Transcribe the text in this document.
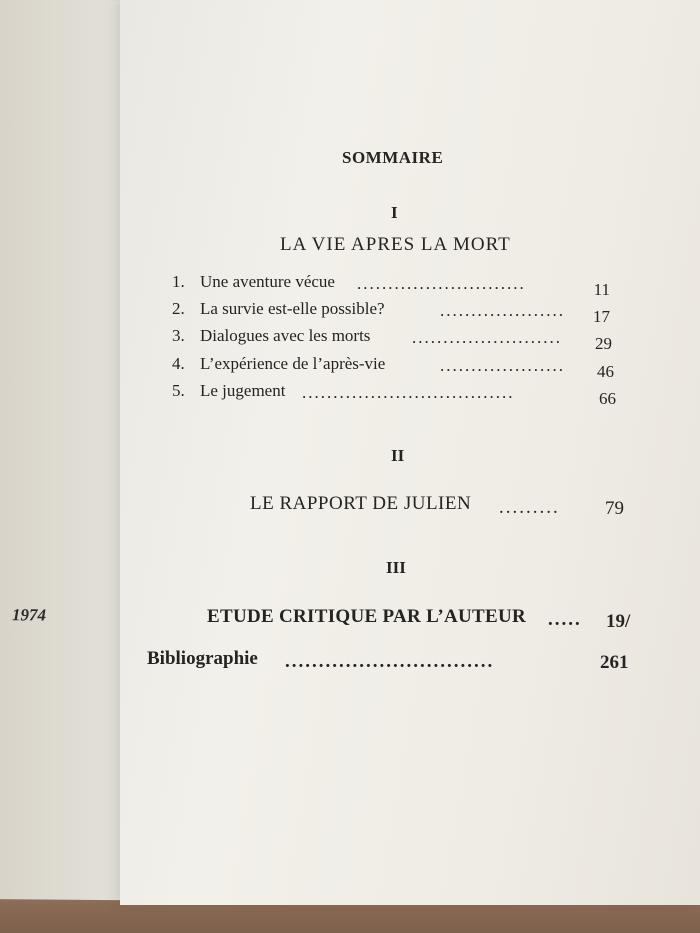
1974
SOMMAIRE
I
LA VIE APRES LA MORT
1. Une aventure vécue ...........................	11
2. La survie est-elle possible?	.................... 17
3. Dialogues avec les morts ........................ 29
4. L’expérience de l’après-vie	.................... 46
5. Le jugement ..................................	66
II
LE RAPPORT DE JULIEN ......... 79
III
ETUDE CRITIQUE PAR L’AUTEUR ..... 19/
Bibliographie ...............................	261
